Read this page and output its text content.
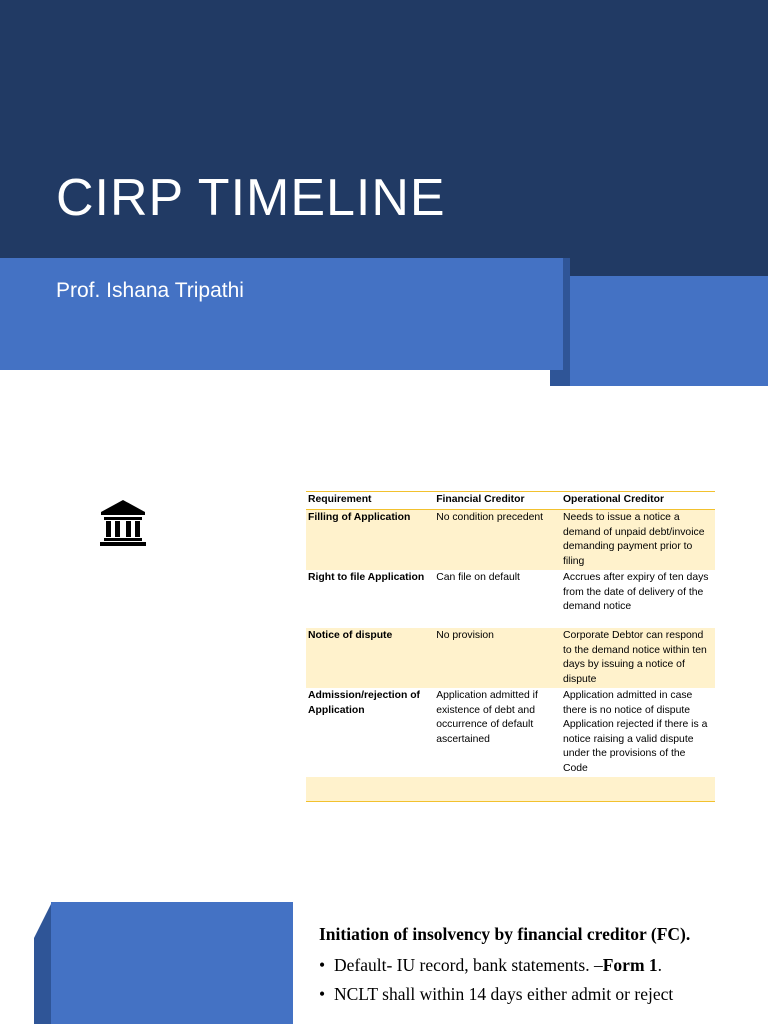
CIRP TIMELINE

Prof. Ishana Tripathi

Requirement	Financial Creditor	Operational Creditor
Filling of Application	No condition precedent	Needs to issue a notice a demand of unpaid debt/invoice demanding payment prior to filing
Right to file Application	Can file on default	Accrues after expiry of ten days from the date of delivery of the demand notice
Notice of dispute	No provision	Corporate Debtor can respond to the demand notice within ten days by issuing a notice of dispute
Admission/rejection of Application	Application admitted if existence of debt and occurrence of default ascertained	Application admitted in case there is no notice of dispute Application rejected if there is a notice raising a valid dispute under the provisions of the Code

Initiation of insolvency by financial creditor (FC).

• Default- IU record, bank statements. –Form 1.
• NCLT shall within 14 days either admit or reject
